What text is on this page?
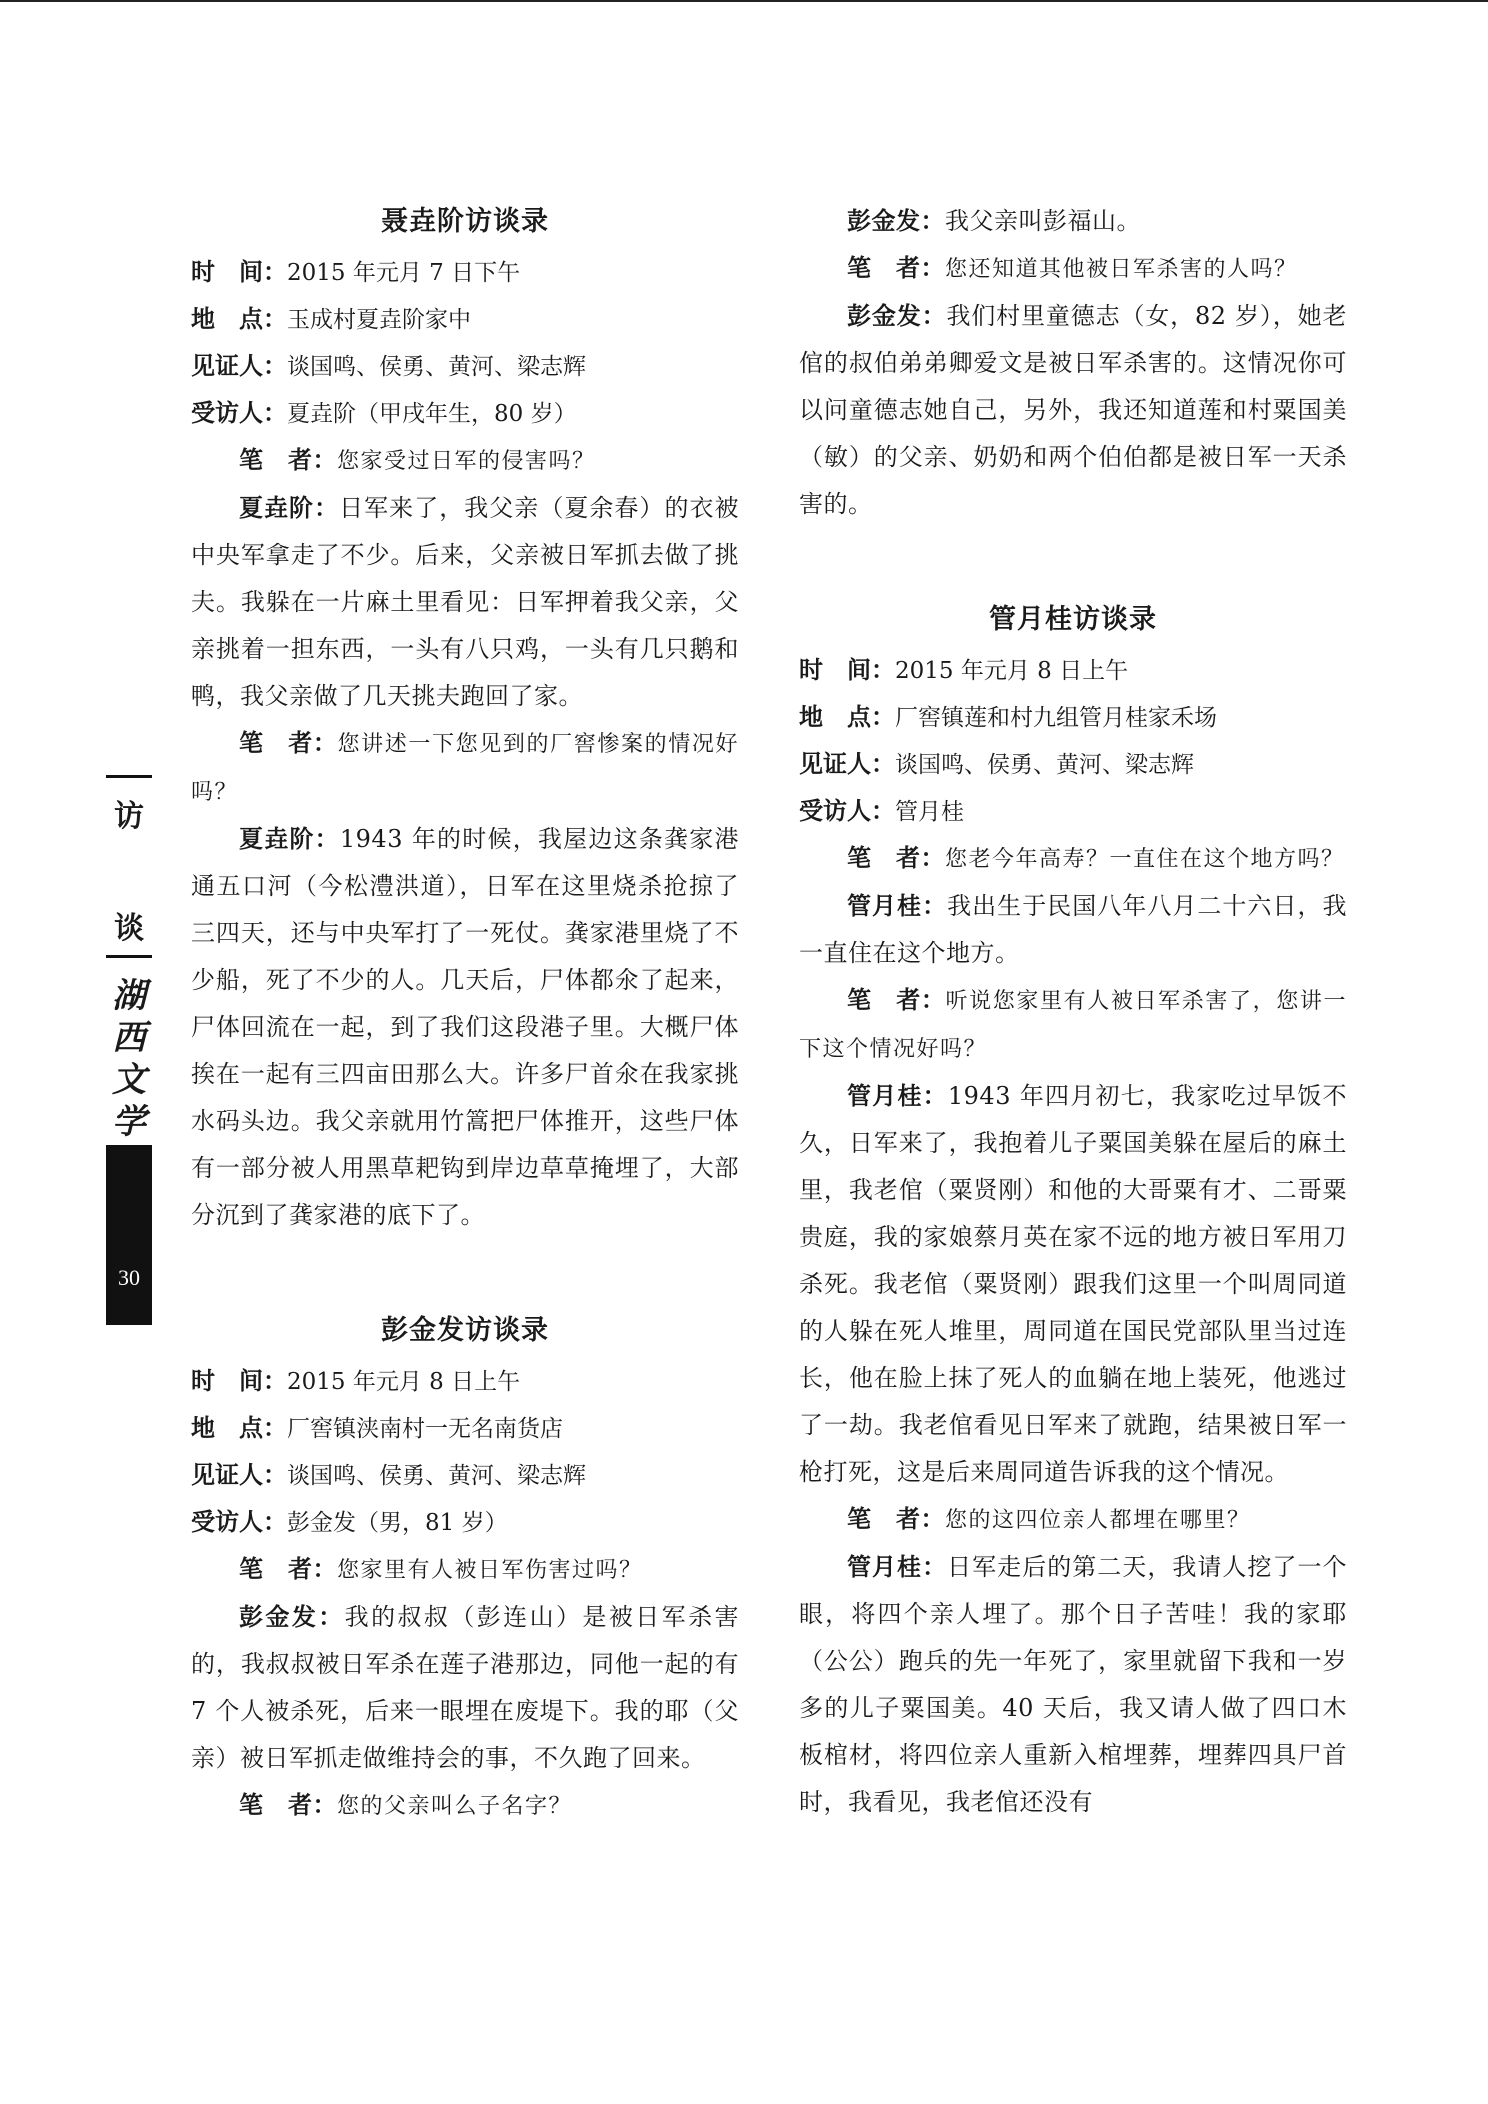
聂垚阶访谈录
时　间：2015 年元月 7 日下午
地　点：玉成村夏垚阶家中
见证人：谈国鸣、侯勇、黄河、梁志辉
受访人：夏垚阶（甲戌年生，80 岁）

笔　者：您家受过日军的侵害吗？

夏垚阶：日军来了，我父亲（夏余春）的衣被中央军拿走了不少。后来，父亲被日军抓去做了挑夫。我躲在一片麻土里看见：日军押着我父亲，父亲挑着一担东西，一头有八只鸡，一头有几只鹅和鸭，我父亲做了几天挑夫跑回了家。

笔　者：您讲述一下您见到的厂窖惨案的情况好吗？

夏垚阶：1943 年的时候，我屋边这条龚家港通五口河（今松澧洪道），日军在这里烧杀抢掠了三四天，还与中央军打了一死仗。龚家港里烧了不少船，死了不少的人。几天后，尸体都氽了起来，尸体回流在一起，到了我们这段港子里。大概尸体挨在一起有三四亩田那么大。许多尸首氽在我家挑水码头边。我父亲就用竹篙把尸体推开，这些尸体有一部分被人用黑草耙钩到岸边草草掩埋了，大部分沉到了龚家港的底下了。

彭金发访谈录
时　间：2015 年元月 8 日上午
地　点：厂窖镇浃南村一无名南货店
见证人：谈国鸣、侯勇、黄河、梁志辉
受访人：彭金发（男，81 岁）

笔　者：您家里有人被日军伤害过吗？

彭金发：我的叔叔（彭连山）是被日军杀害的，我叔叔被日军杀在莲子港那边，同他一起的有 7 个人被杀死，后来一眼埋在废堤下。我的耶（父亲）被日军抓走做维持会的事，不久跑了回来。

笔　者：您的父亲叫么子名字？

彭金发：我父亲叫彭福山。

笔　者：您还知道其他被日军杀害的人吗？

彭金发：我们村里童德志（女，82 岁），她老倌的叔伯弟弟卿爱文是被日军杀害的。这情况你可以问童德志她自己，另外，我还知道莲和村粟国美（敏）的父亲、奶奶和两个伯伯都是被日军一天杀害的。

管月桂访谈录
时　间：2015 年元月 8 日上午
地　点：厂窖镇莲和村九组管月桂家禾场
见证人：谈国鸣、侯勇、黄河、梁志辉
受访人：管月桂

笔　者：您老今年高寿？一直住在这个地方吗？

管月桂：我出生于民国八年八月二十六日，我一直住在这个地方。

笔　者：听说您家里有人被日军杀害了，您讲一下这个情况好吗？

管月桂：1943 年四月初七，我家吃过早饭不久，日军来了，我抱着儿子粟国美躲在屋后的麻土里，我老倌（粟贤刚）和他的大哥粟有才、二哥粟贵庭，我的家娘蔡月英在家不远的地方被日军用刀杀死。我老倌（粟贤刚）跟我们这里一个叫周同道的人躲在死人堆里，周同道在国民党部队里当过连长，他在脸上抹了死人的血躺在地上装死，他逃过了一劫。我老倌看见日军来了就跑，结果被日军一枪打死，这是后来周同道告诉我的这个情况。

笔　者：您的这四位亲人都埋在哪里？

管月桂：日军走后的第二天，我请人挖了一个眼，将四个亲人埋了。那个日子苦哇！我的家耶（公公）跑兵的先一年死了，家里就留下我和一岁多的儿子粟国美。40 天后，我又请人做了四口木板棺材，将四位亲人重新入棺埋葬，埋葬四具尸首时，我看见，我老倌还没有

访
谈
湖西文学
30
